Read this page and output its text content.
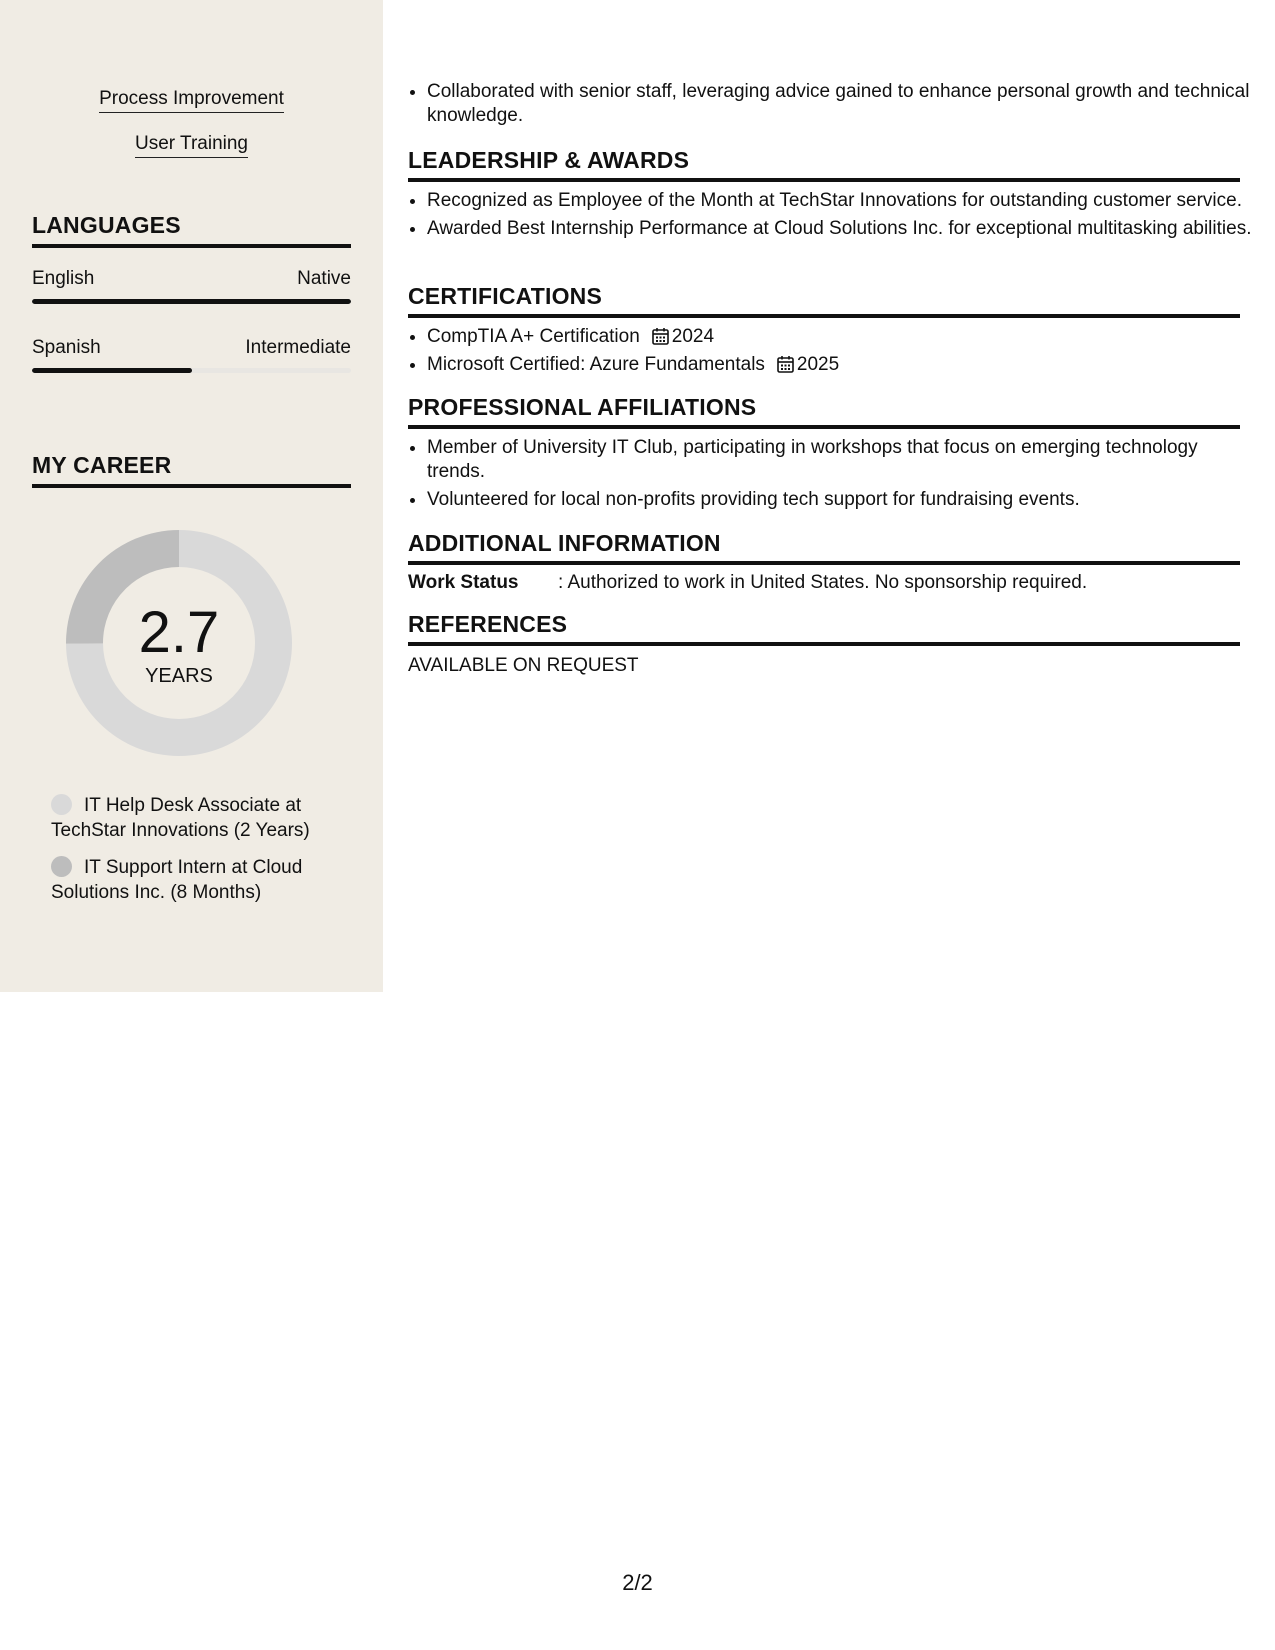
Process Improvement
User Training
LANGUAGES
English	Native
Spanish	Intermediate
MY CAREER
2.7
YEARS
IT Help Desk Associate at TechStar Innovations (2 Years)
IT Support Intern at Cloud Solutions Inc. (8 Months)
• Collaborated with senior staff, leveraging advice gained to enhance personal growth and technical knowledge.
LEADERSHIP & AWARDS
• Recognized as Employee of the Month at TechStar Innovations for outstanding customer service.
• Awarded Best Internship Performance at Cloud Solutions Inc. for exceptional multitasking abilities.
CERTIFICATIONS
• CompTIA A+ Certification 2024
• Microsoft Certified: Azure Fundamentals 2025
PROFESSIONAL AFFILIATIONS
• Member of University IT Club, participating in workshops that focus on emerging technology trends.
• Volunteered for local non-profits providing tech support for fundraising events.
ADDITIONAL INFORMATION
Work Status : Authorized to work in United States. No sponsorship required.
REFERENCES
AVAILABLE ON REQUEST
2/2
